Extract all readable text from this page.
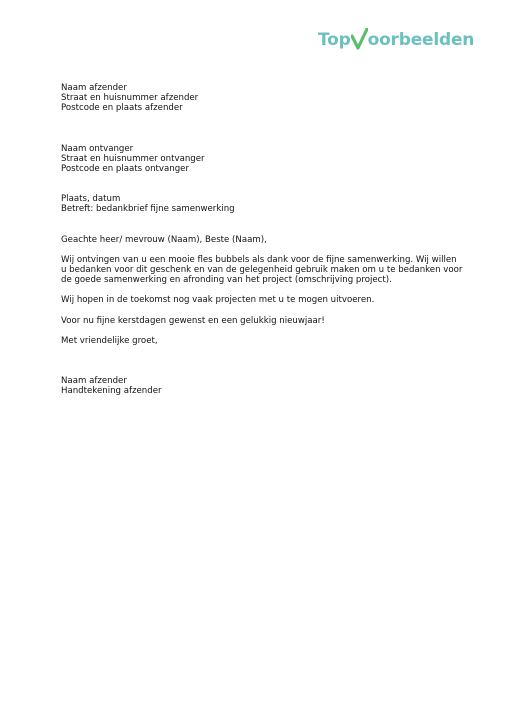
Top oorbeelden
Naam afzender
Straat en huisnummer afzender
Postcode en plaats afzender
Naam ontvanger
Straat en huisnummer ontvanger
Postcode en plaats ontvanger
Plaats, datum
Betreft: bedankbrief fijne samenwerking
Geachte heer/ mevrouw (Naam), Beste (Naam),
Wij ontvingen van u een mooie fles bubbels als dank voor de fijne samenwerking. Wij willen
u bedanken voor dit geschenk en van de gelegenheid gebruik maken om u te bedanken voor
de goede samenwerking en afronding van het project (omschrijving project).
Wij hopen in de toekomst nog vaak projecten met u te mogen uitvoeren.
Voor nu fijne kerstdagen gewenst en een gelukkig nieuwjaar!
Met vriendelijke groet,
Naam afzender
Handtekening afzender
